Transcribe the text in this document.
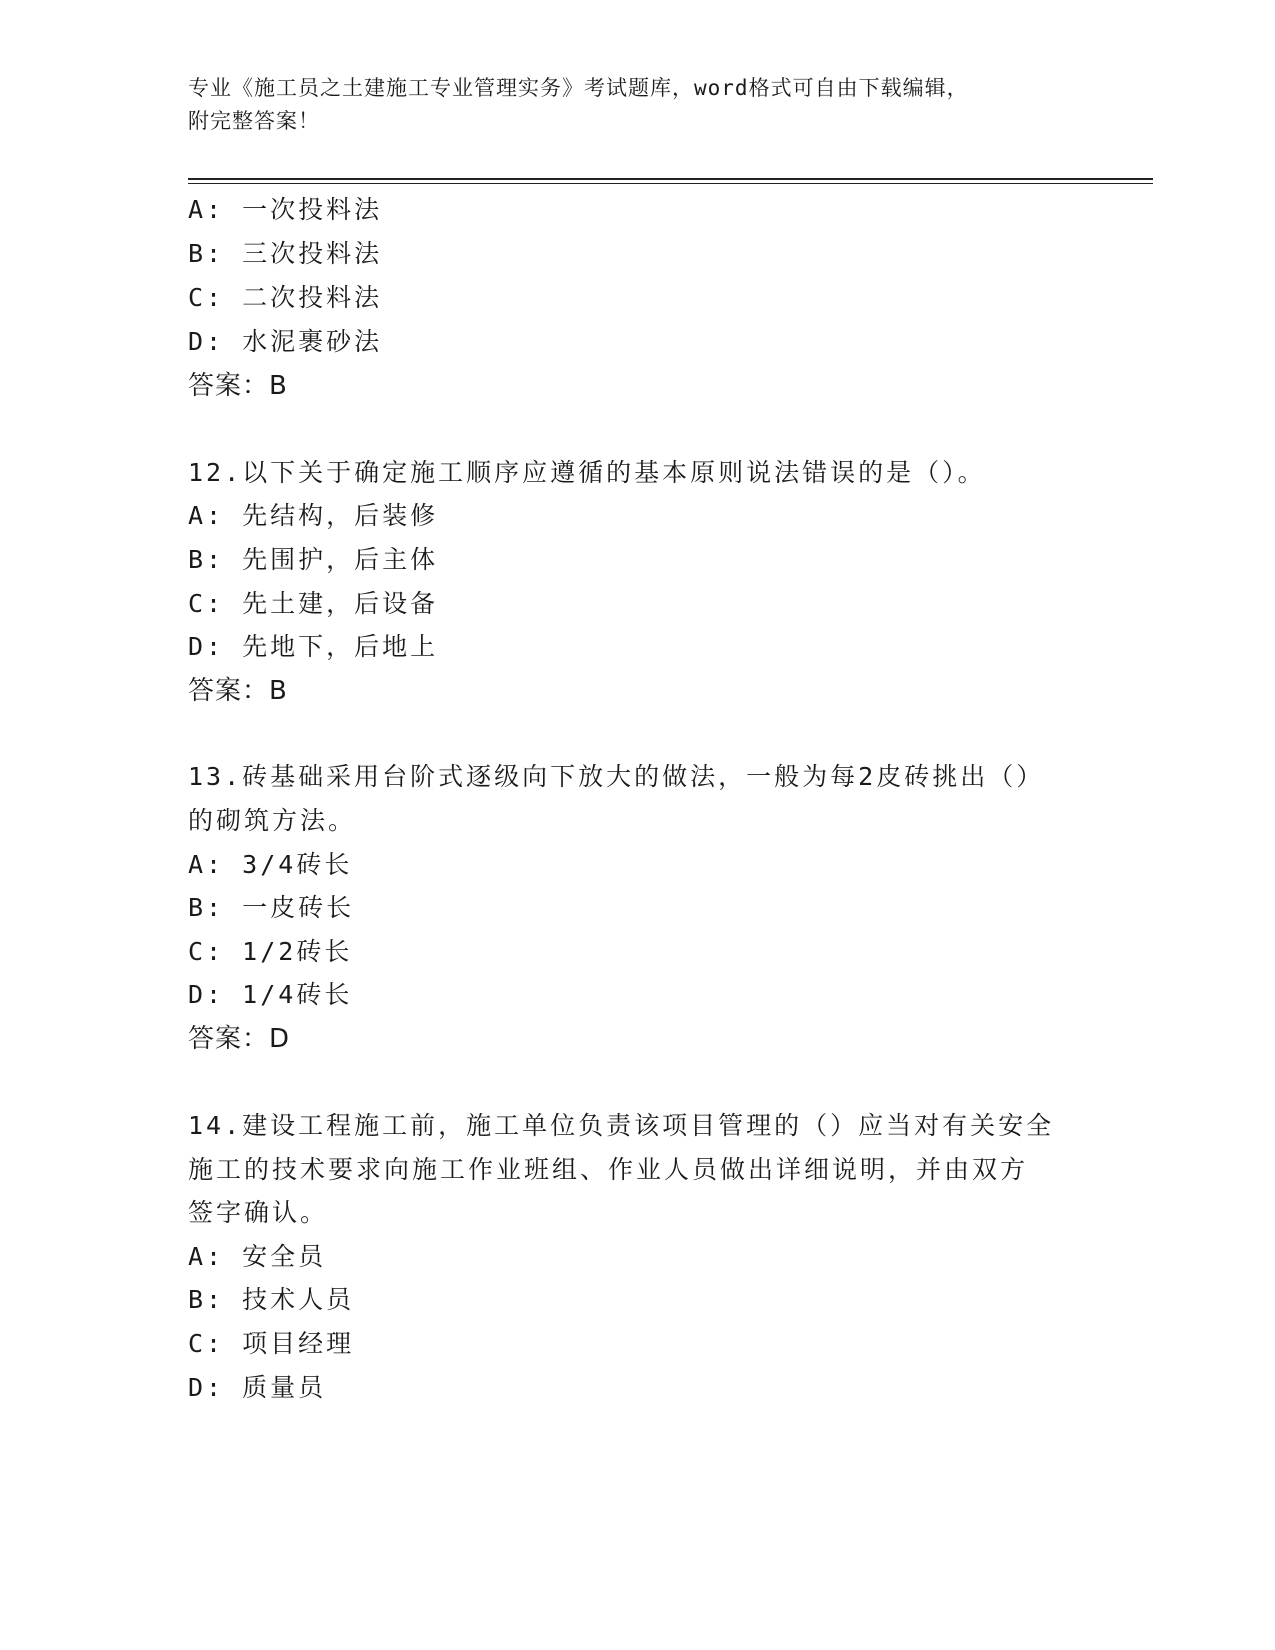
专业《施工员之土建施工专业管理实务》考试题库，word格式可自由下载编辑，
附完整答案！
A: 一次投料法
B: 三次投料法
C: 二次投料法
D: 水泥裹砂法
答案：B
12.以下关于确定施工顺序应遵循的基本原则说法错误的是（）。
A: 先结构，后装修
B: 先围护，后主体
C: 先土建，后设备
D: 先地下，后地上
答案：B
13.砖基础采用台阶式逐级向下放大的做法，一般为每2皮砖挑出（）
的砌筑方法。
A: 3/4砖长
B: 一皮砖长
C: 1/2砖长
D: 1/4砖长
答案：D
14.建设工程施工前，施工单位负责该项目管理的（）应当对有关安全
施工的技术要求向施工作业班组、作业人员做出详细说明，并由双方
签字确认。
A: 安全员
B: 技术人员
C: 项目经理
D: 质量员
